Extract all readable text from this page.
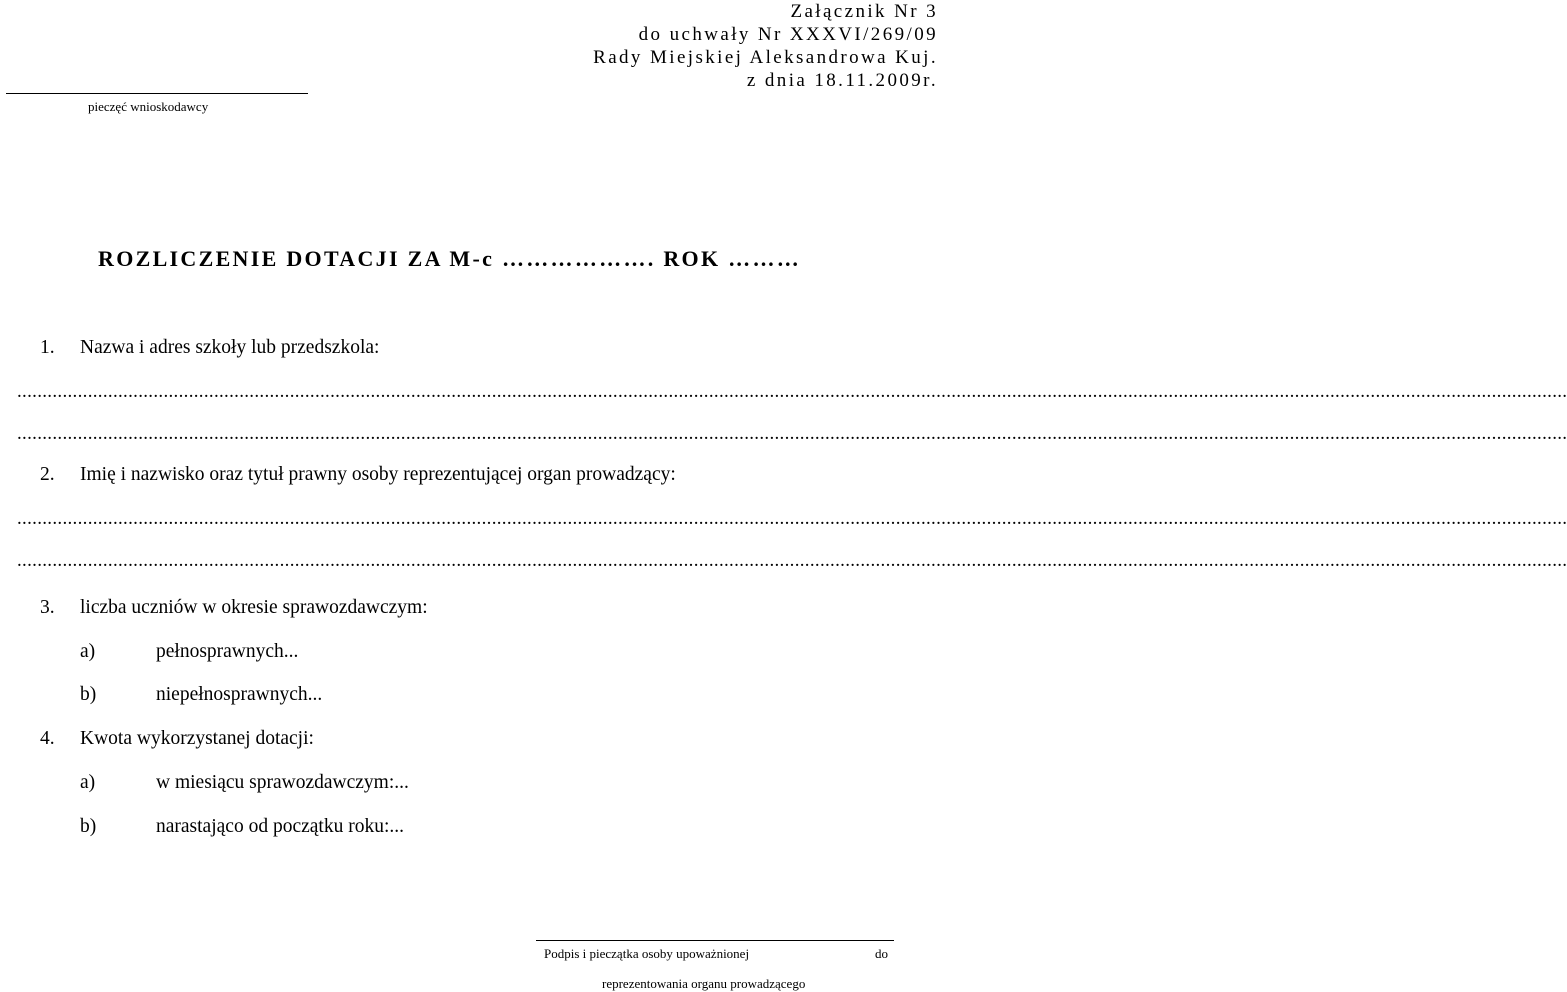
Załącznik Nr 3
do uchwały Nr XXXVI/269/09
Rady Miejskiej Aleksandrowa Kuj.
z dnia 18.11.2009r.
pieczęć wnioskodawcy
ROZLICZENIE DOTACJI ZA M-c ………………. ROK ………
1. Nazwa i adres szkoły lub przedszkola:
...................................................................................................................................................................................................................................................................................................................
...................................................................................................................................................................................................................................................................................................................
2. Imię i nazwisko oraz tytuł prawny osoby reprezentującej organ prowadzący:
...................................................................................................................................................................................................................................................................................................................
...................................................................................................................................................................................................................................................................................................................
3. liczba uczniów w okresie sprawozdawczym:
a)	pełnosprawnych...
b)	niepełnosprawnych...
4. Kwota wykorzystanej dotacji:
a)	w miesiącu sprawozdawczym:...
b)	narastająco od początku roku:...
Podpis i pieczątka osoby upoważnionej	do
reprezentowania organu prowadzącego
